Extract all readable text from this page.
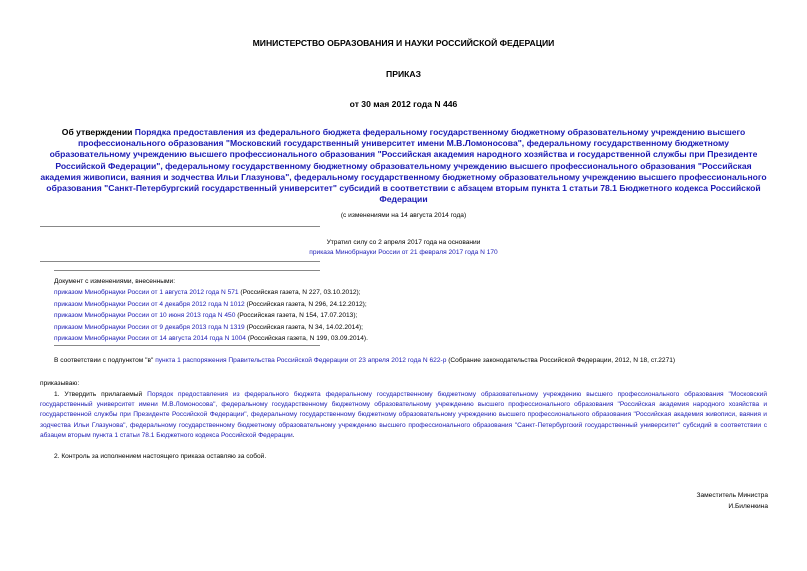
МИНИСТЕРСТВО ОБРАЗОВАНИЯ И НАУКИ РОССИЙСКОЙ ФЕДЕРАЦИИ
ПРИКАЗ
от 30 мая 2012 года N 446
Об утверждении Порядка предоставления из федерального бюджета федеральному государственному бюджетному образовательному учреждению высшего профессионального образования "Московский государственный университет имени М.В.Ломоносова", федеральному государственному бюджетному образовательному учреждению высшего профессионального образования "Российская академия народного хозяйства и государственной службы при Президенте Российской Федерации", федеральному государственному бюджетному образовательному учреждению высшего профессионального образования "Российская академия живописи, ваяния и зодчества Ильи Глазунова", федеральному государственному бюджетному образовательному учреждению высшего профессионального образования "Санкт-Петербургский государственный университет" субсидий в соответствии с абзацем вторым пункта 1 статьи 78.1 Бюджетного кодекса Российской Федерации
(с изменениями на 14 августа 2014 года)
Утратил силу со 2 апреля 2017 года на основании
приказа Минобрнауки России от 21 февраля 2017 года N 170
Документ с изменениями, внесенными:
приказом Минобрнауки России от 1 августа 2012 года N 571 (Российская газета, N 227, 03.10.2012);
приказом Минобрнауки России от 4 декабря 2012 года N 1012 (Российская газета, N 296, 24.12.2012);
приказом Минобрнауки России от 10 июня 2013 года N 450 (Российская газета, N 154, 17.07.2013);
приказом Минобрнауки России от 9 декабря 2013 года N 1319 (Российская газета, N 34, 14.02.2014);
приказом Минобрнауки России от 14 августа 2014 года N 1004 (Российская газета, N 199, 03.09.2014).
В соответствии с подпунктом "в" пункта 1 распоряжения Правительства Российской Федерации от 23 апреля 2012 года N 622-р (Собрание законодательства Российской Федерации, 2012, N 18, ст.2271)
приказываю:
1. Утвердить прилагаемый Порядок предоставления из федерального бюджета федеральному государственному бюджетному образовательному учреждению высшего профессионального образования "Московский государственный университет имени М.В.Ломоносова", федеральному государственному бюджетному образовательному учреждению высшего профессионального образования "Российская академия народного хозяйства и государственной службы при Президенте Российской Федерации", федеральному государственному бюджетному образовательному учреждению высшего профессионального образования "Российская академия живописи, ваяния и зодчества Ильи Глазунова", федеральному государственному бюджетному образовательному учреждению высшего профессионального образования "Санкт-Петербургский государственный университет" субсидий в соответствии с абзацем вторым пункта 1 статьи 78.1 Бюджетного кодекса Российской Федерации.
2. Контроль за исполнением настоящего приказа оставляю за собой.
Заместитель Министра
И.Биленкина
